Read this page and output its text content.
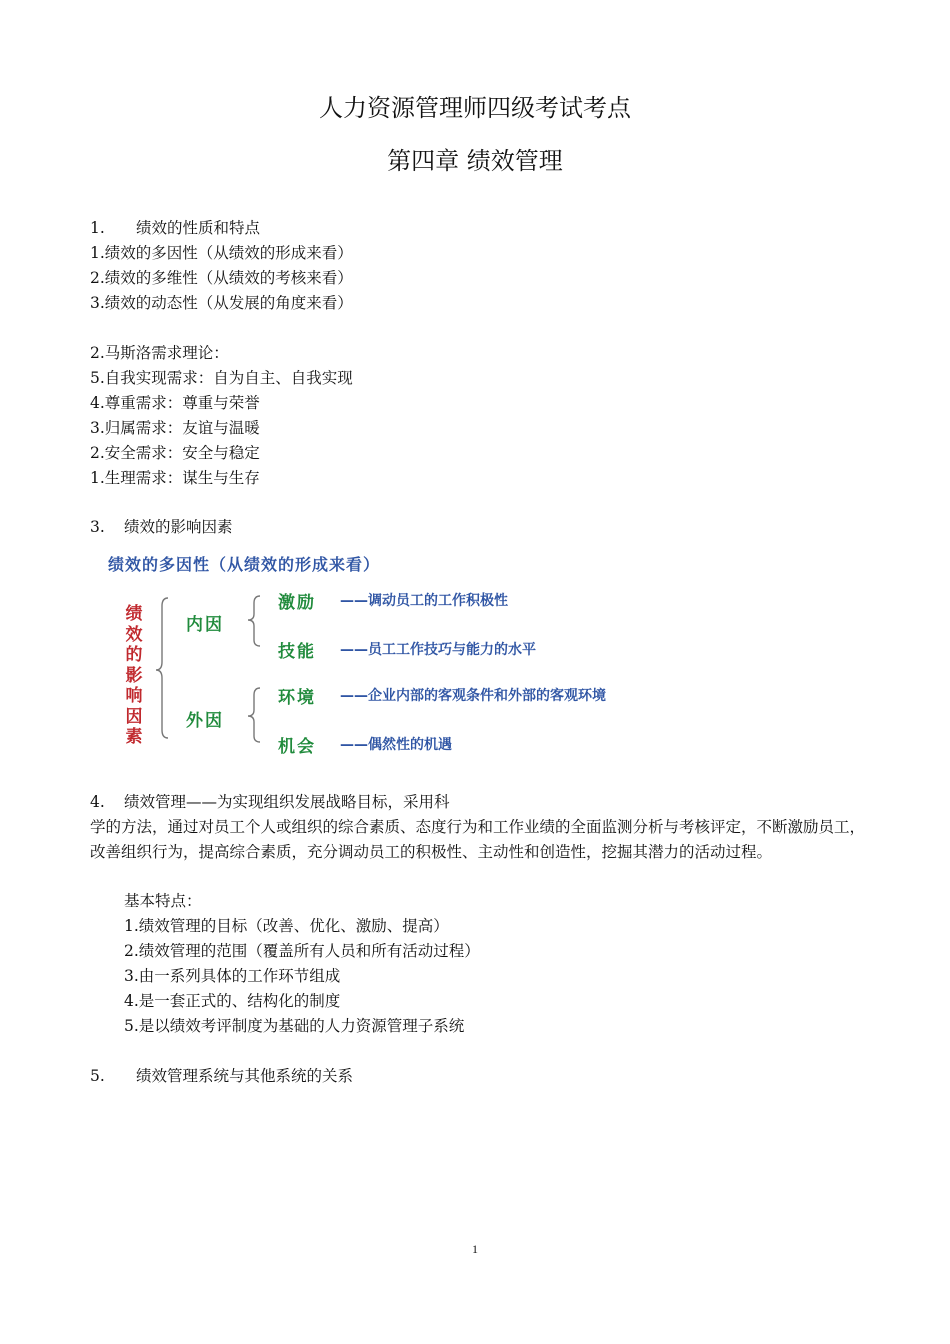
人力资源管理师四级考试考点
第四章 绩效管理
1. 绩效的性质和特点
1.绩效的多因性（从绩效的形成来看）
2.绩效的多维性（从绩效的考核来看）
3.绩效的动态性（从发展的角度来看）
2.马斯洛需求理论：
5.自我实现需求：自为自主、自我实现
4.尊重需求：尊重与荣誉
3.归属需求：友谊与温暖
2.安全需求：安全与稳定
1.生理需求：谋生与生存
3. 绩效的影响因素
绩效的多因性（从绩效的形成来看）
绩效的影响因素
内因
外因
激励 ——调动员工的工作积极性
技能 ——员工工作技巧与能力的水平
环境 ——企业内部的客观条件和外部的客观环境
机会 ——偶然性的机遇
4. 绩效管理——为实现组织发展战略目标，采用科
学的方法，通过对员工个人或组织的综合素质、态度行为和工作业绩的全面监测分析与考核评定，不断激励员工，改善组织行为，提高综合素质，充分调动员工的积极性、主动性和创造性，挖掘其潜力的活动过程。
基本特点：
1.绩效管理的目标（改善、优化、激励、提高）
2.绩效管理的范围（覆盖所有人员和所有活动过程）
3.由一系列具体的工作环节组成
4.是一套正式的、结构化的制度
5.是以绩效考评制度为基础的人力资源管理子系统
5. 绩效管理系统与其他系统的关系
1
